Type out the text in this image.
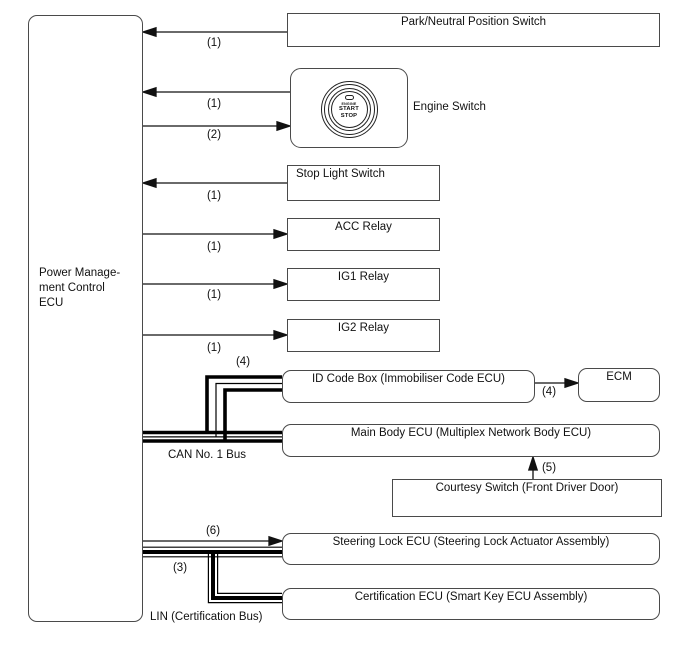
Power Manage-
ment Control
ECU
Park/Neutral Position Switch
ENGINE
START
STOP
Engine Switch
Stop Light Switch
ACC Relay
IG1 Relay
IG2 Relay
ID Code Box (Immobiliser Code ECU)	ECM
Main Body ECU (Multiplex Network Body ECU)
Courtesy Switch (Front Driver Door)
Steering Lock ECU (Steering Lock Actuator Assembly)
Certification ECU (Smart Key ECU Assembly)
CAN No. 1 Bus
LIN (Certification Bus)
(1)
(1)
(2)
(1)
(1)
(1)
(1)
(4)
(4)
(5)
(6)
(3)
